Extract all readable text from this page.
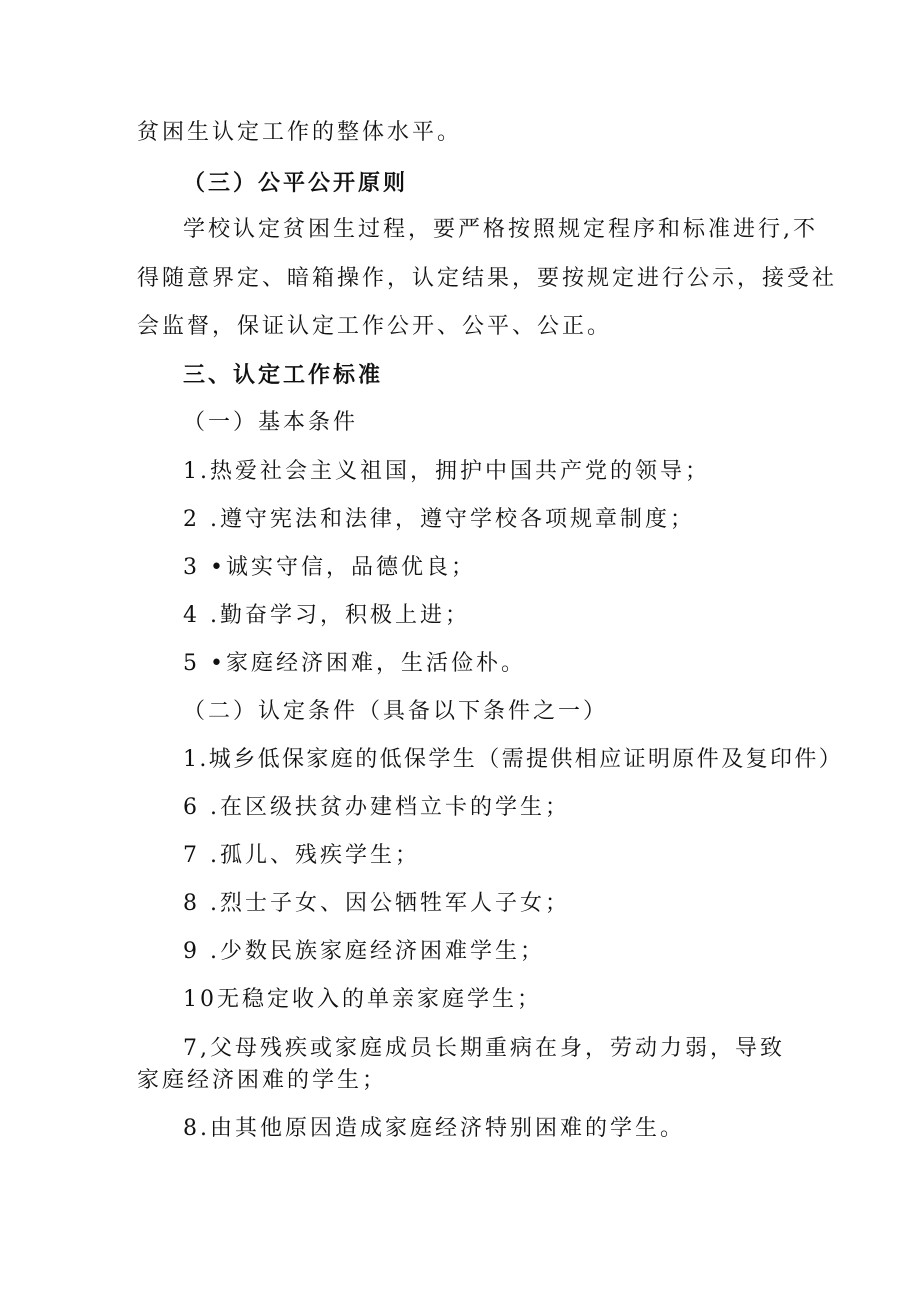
贫困生认定工作的整体水平。
（三）公平公开原则
学校认定贫困生过程，要严格按照规定程序和标准进行,不
得随意界定、暗箱操作，认定结果，要按规定进行公示，接受社
会监督，保证认定工作公开、公平、公正。
三、认定工作标准
（一）基本条件
1.热爱社会主义祖国，拥护中国共产党的领导；
2 .遵守宪法和法律，遵守学校各项规章制度；
3 •诚实守信，品德优良；
4 .勤奋学习，积极上进；
5 •家庭经济困难，生活俭朴。
（二）认定条件（具备以下条件之一）
1.城乡低保家庭的低保学生（需提供相应证明原件及复印件）
6 .在区级扶贫办建档立卡的学生；
7 .孤儿、残疾学生；
8 .烈士子女、因公牺牲军人子女；
9 .少数民族家庭经济困难学生；
10无稳定收入的单亲家庭学生；
7,父母残疾或家庭成员长期重病在身，劳动力弱，导致
家庭经济困难的学生；
8.由其他原因造成家庭经济特别困难的学生。
